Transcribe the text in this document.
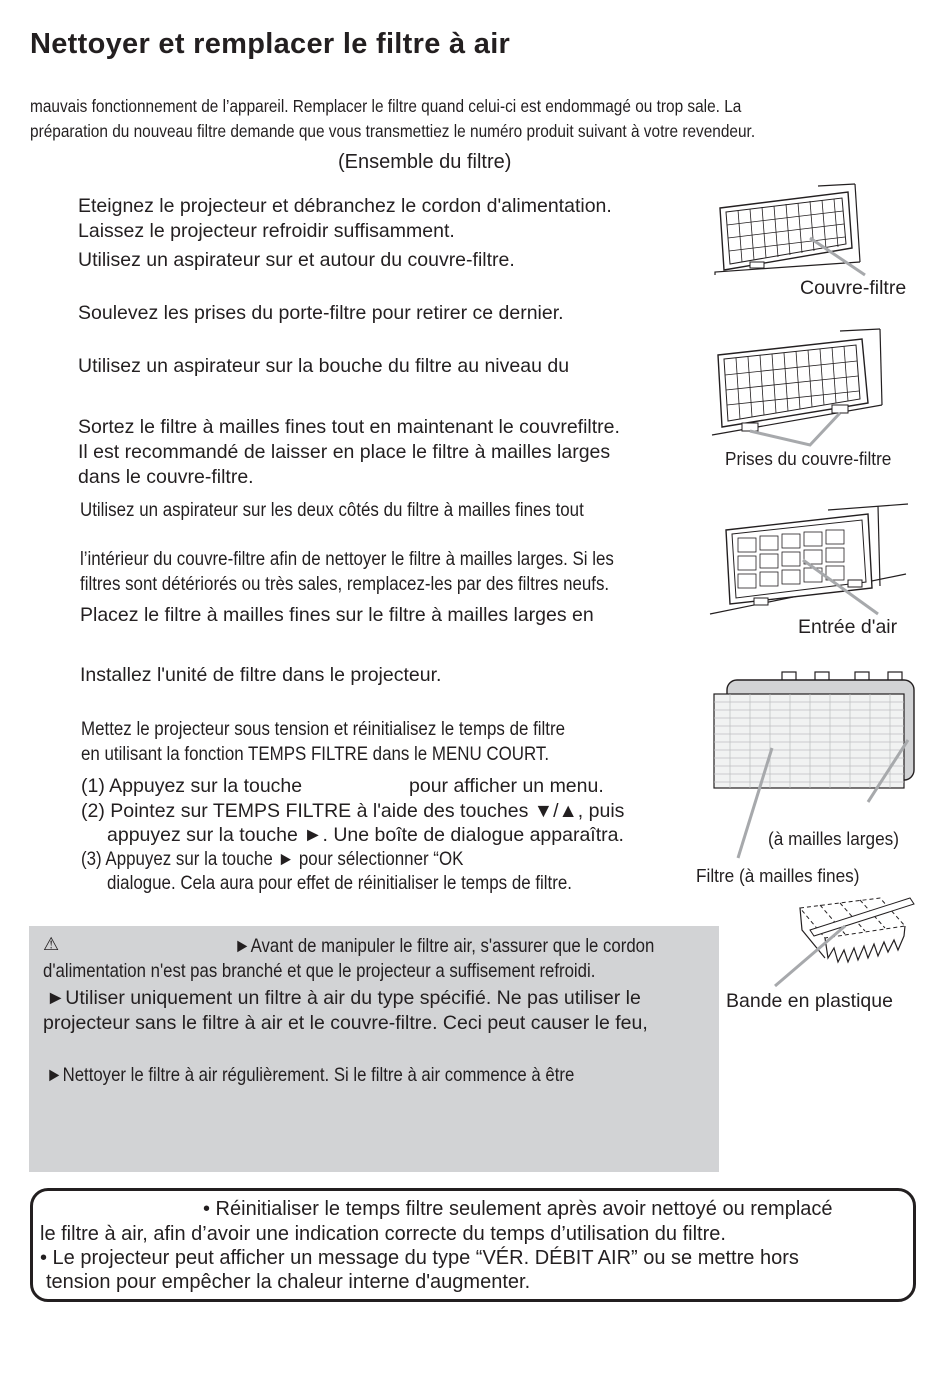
Nettoyer et remplacer le filtre à air
mauvais fonctionnement de l’appareil. Remplacer le filtre quand celui-ci est endommagé ou trop sale. La
préparation du nouveau filtre demande que vous transmettiez le numéro produit suivant à votre revendeur.
(Ensemble du filtre)
Eteignez le projecteur et débranchez le cordon d'alimentation.
Laissez le projecteur refroidir suffisamment.
Utilisez un aspirateur sur et autour du couvre-filtre.
Soulevez les prises du porte-filtre pour retirer ce dernier.
Utilisez un aspirateur sur la bouche du filtre au niveau du
Sortez le filtre à mailles fines tout en maintenant le couvrefiltre.
Il est recommandé de laisser en place le filtre à mailles larges
dans le couvre-filtre.
Utilisez un aspirateur sur les deux côtés du filtre à mailles fines tout
l’intérieur du couvre-filtre afin de nettoyer le filtre à mailles larges. Si les
filtres sont détériorés ou très sales, remplacez-les par des filtres neufs.
Placez le filtre à mailles fines sur le filtre à mailles larges en
Installez l'unité de filtre dans le projecteur.
Mettez le projecteur sous tension et réinitialisez le temps de filtre
en utilisant la fonction TEMPS FILTRE dans le MENU COURT.
(1) Appuyez sur la touche	pour afficher un menu.
(2) Pointez sur TEMPS FILTRE à l'aide des touches ▼/▲, puis
appuyez sur la touche ►. Une boîte de dialogue apparaîtra.
(3) Appuyez sur la touche ► pour sélectionner “OK
dialogue. Cela aura pour effet de réinitialiser le temps de filtre.
Couvre-filtre
Prises du couvre-filtre
Entrée d'air
(à mailles larges)
Filtre (à mailles fines)
Bande en plastique
⚠	►Avant de manipuler le filtre air, s'assurer que le cordon
d'alimentation n'est pas branché et que le projecteur a suffisement refroidi.
►Utiliser uniquement un filtre à air du type spécifié. Ne pas utiliser le
projecteur sans le filtre à air et le couvre-filtre. Ceci peut causer le feu,
►Nettoyer le filtre à air régulièrement. Si le filtre à air commence à être
• Réinitialiser le temps filtre seulement après avoir nettoyé ou remplacé
le filtre à air, afin d’avoir une indication correcte du temps d’utilisation du filtre.
• Le projecteur peut afficher un message du type “VÉR. DÉBIT AIR” ou se mettre hors
tension pour empêcher la chaleur interne d'augmenter.
